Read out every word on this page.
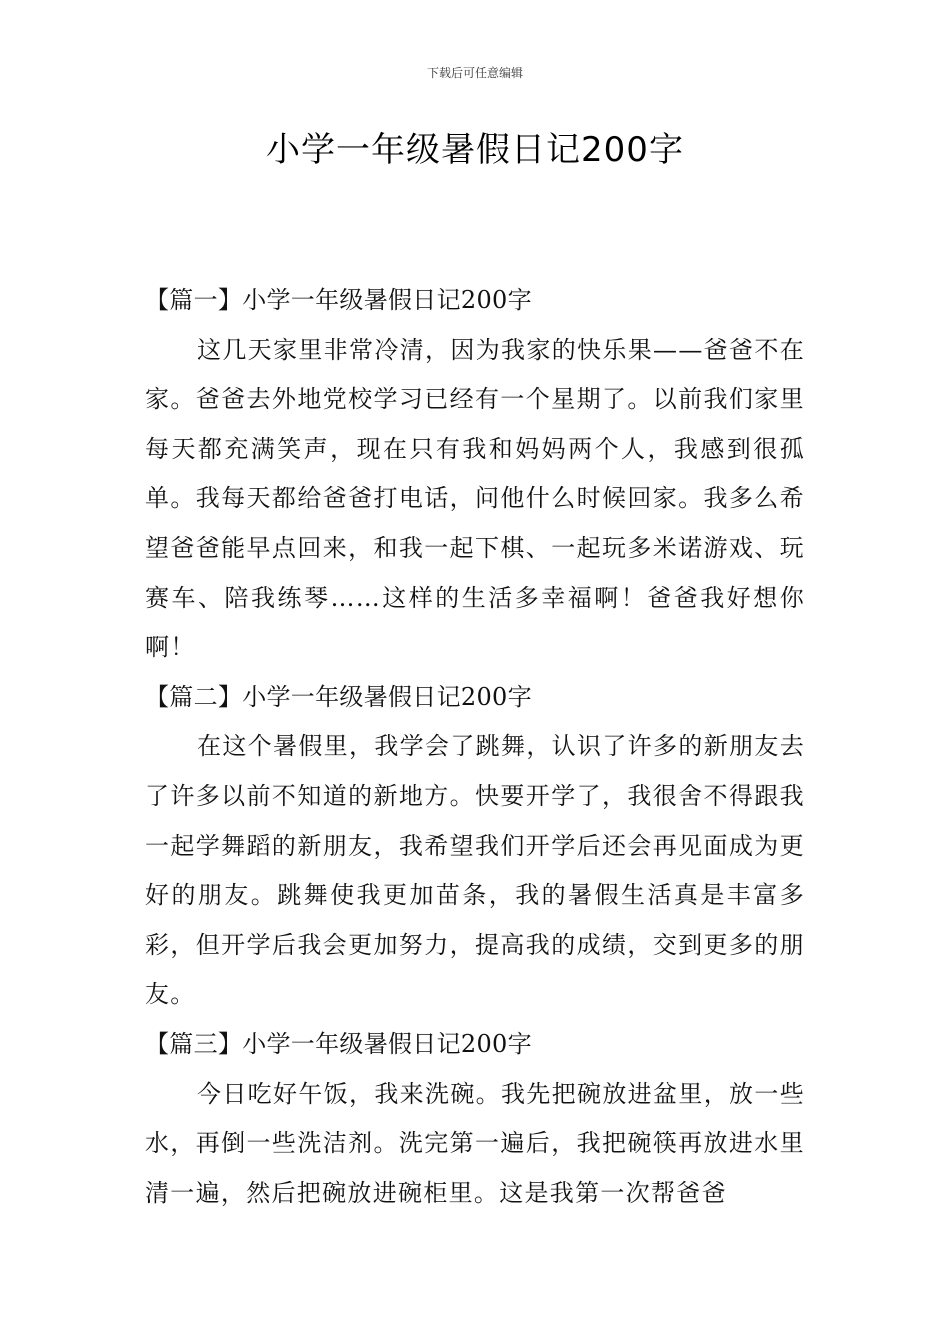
下载后可任意编辑
小学一年级暑假日记200字
【篇一】小学一年级暑假日记200字

这几天家里非常冷清，因为我家的快乐果——爸爸不在家。爸爸去外地党校学习已经有一个星期了。以前我们家里每天都充满笑声，现在只有我和妈妈两个人，我感到很孤单。我每天都给爸爸打电话，问他什么时候回家。我多么希望爸爸能早点回来，和我一起下棋、一起玩多米诺游戏、玩赛车、陪我练琴……这样的生活多幸福啊！爸爸我好想你啊！

【篇二】小学一年级暑假日记200字

在这个暑假里，我学会了跳舞，认识了许多的新朋友去了许多以前不知道的新地方。快要开学了，我很舍不得跟我一起学舞蹈的新朋友，我希望我们开学后还会再见面成为更好的朋友。跳舞使我更加苗条，我的暑假生活真是丰富多彩，但开学后我会更加努力，提高我的成绩，交到更多的朋友。

【篇三】小学一年级暑假日记200字

今日吃好午饭，我来洗碗。我先把碗放进盆里，放一些水，再倒一些洗洁剂。洗完第一遍后，我把碗筷再放进水里清一遍，然后把碗放进碗柜里。这是我第一次帮爸爸
